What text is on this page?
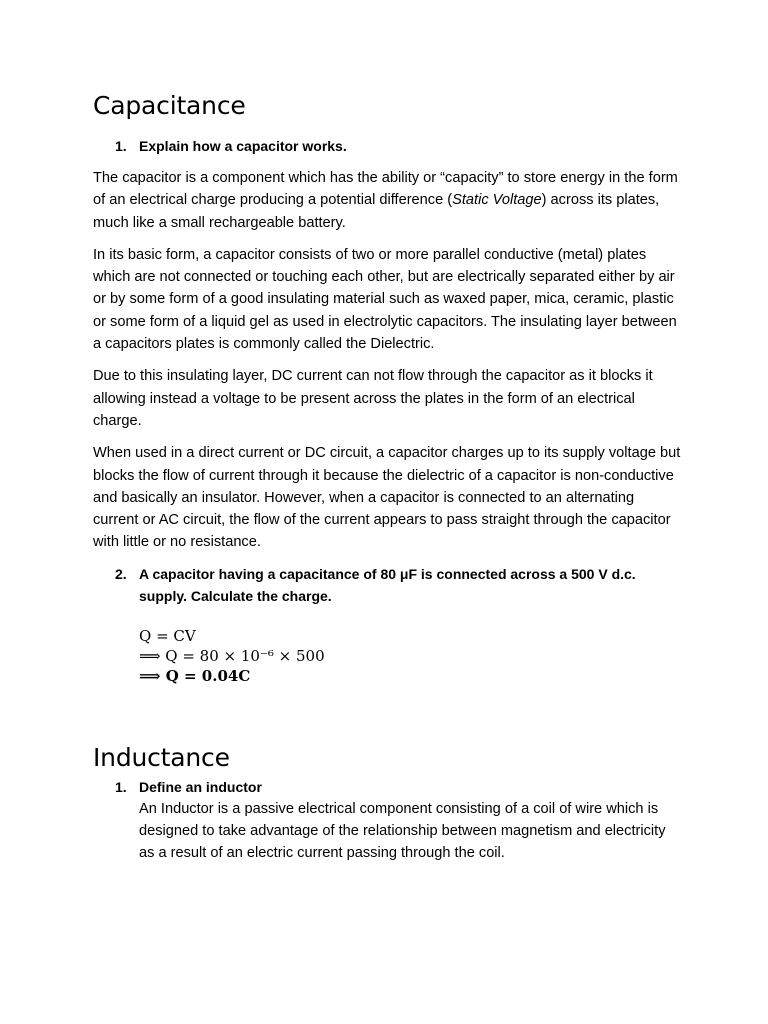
Capacitance
1. Explain how a capacitor works.

The capacitor is a component which has the ability or “capacity” to store energy in the form of an electrical charge producing a potential difference (Static Voltage) across its plates, much like a small rechargeable battery.

In its basic form, a capacitor consists of two or more parallel conductive (metal) plates which are not connected or touching each other, but are electrically separated either by air or by some form of a good insulating material such as waxed paper, mica, ceramic, plastic or some form of a liquid gel as used in electrolytic capacitors. The insulating layer between a capacitors plates is commonly called the Dielectric.

Due to this insulating layer, DC current can not flow through the capacitor as it blocks it allowing instead a voltage to be present across the plates in the form of an electrical charge.

When used in a direct current or DC circuit, a capacitor charges up to its supply voltage but blocks the flow of current through it because the dielectric of a capacitor is non-conductive and basically an insulator. However, when a capacitor is connected to an alternating current or AC circuit, the flow of the current appears to pass straight through the capacitor with little or no resistance.

2. A capacitor having a capacitance of 80 μF is connected across a 500 V d.c. supply. Calculate the charge.
Q = CV
⟹ Q = 80 × 10⁻⁶ × 500
⟹ Q = 0.04C
Inductance
1. Define an inductor
An Inductor is a passive electrical component consisting of a coil of wire which is designed to take advantage of the relationship between magnetism and electricity as a result of an electric current passing through the coil.
